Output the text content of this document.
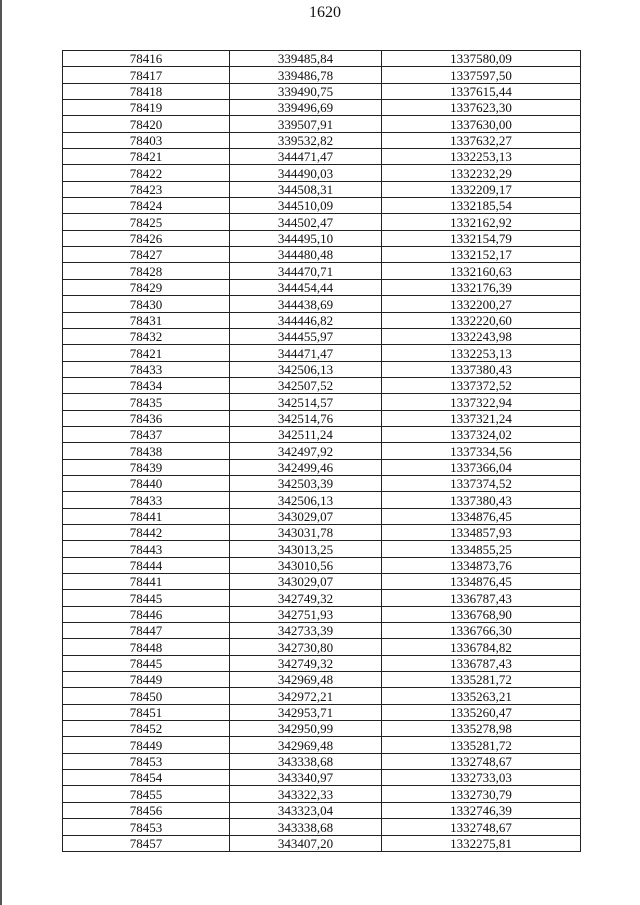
1620
78416	339485,84	1337580,09
78417	339486,78	1337597,50
78418	339490,75	1337615,44
78419	339496,69	1337623,30
78420	339507,91	1337630,00
78403	339532,82	1337632,27
78421	344471,47	1332253,13
78422	344490,03	1332232,29
78423	344508,31	1332209,17
78424	344510,09	1332185,54
78425	344502,47	1332162,92
78426	344495,10	1332154,79
78427	344480,48	1332152,17
78428	344470,71	1332160,63
78429	344454,44	1332176,39
78430	344438,69	1332200,27
78431	344446,82	1332220,60
78432	344455,97	1332243,98
78421	344471,47	1332253,13
78433	342506,13	1337380,43
78434	342507,52	1337372,52
78435	342514,57	1337322,94
78436	342514,76	1337321,24
78437	342511,24	1337324,02
78438	342497,92	1337334,56
78439	342499,46	1337366,04
78440	342503,39	1337374,52
78433	342506,13	1337380,43
78441	343029,07	1334876,45
78442	343031,78	1334857,93
78443	343013,25	1334855,25
78444	343010,56	1334873,76
78441	343029,07	1334876,45
78445	342749,32	1336787,43
78446	342751,93	1336768,90
78447	342733,39	1336766,30
78448	342730,80	1336784,82
78445	342749,32	1336787,43
78449	342969,48	1335281,72
78450	342972,21	1335263,21
78451	342953,71	1335260,47
78452	342950,99	1335278,98
78449	342969,48	1335281,72
78453	343338,68	1332748,67
78454	343340,97	1332733,03
78455	343322,33	1332730,79
78456	343323,04	1332746,39
78453	343338,68	1332748,67
78457	343407,20	1332275,81
